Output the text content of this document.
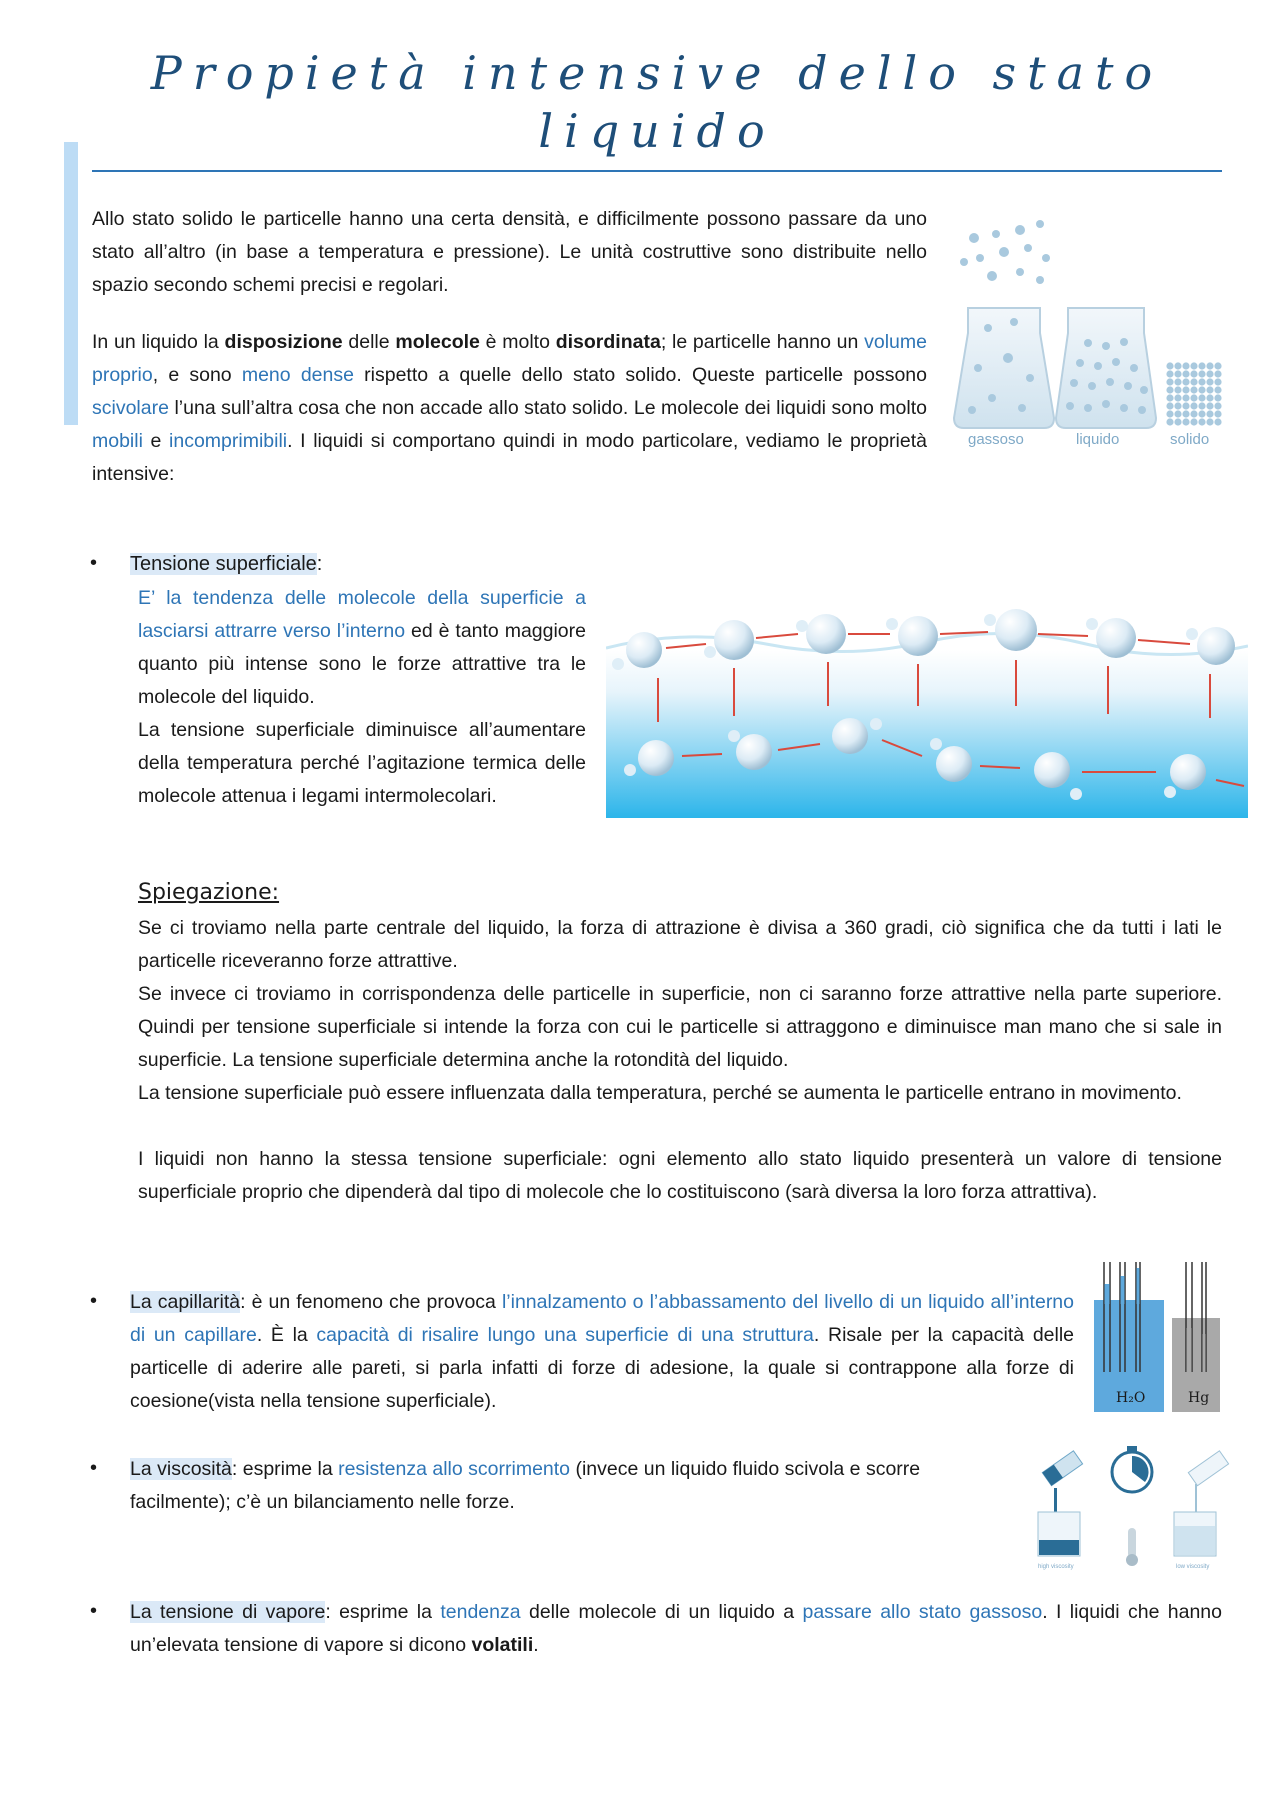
Propietà intensive dello stato liquido

Allo stato solido le particelle hanno una certa densità, e difficilmente possono passare da uno stato all’altro (in base a temperatura e pressione). Le unità costruttive sono distribuite nello spazio secondo schemi precisi e regolari.

In un liquido la disposizione delle molecole è molto disordinata; le particelle hanno un volume proprio, e sono meno dense rispetto a quelle dello stato solido. Queste particelle possono scivolare l’una sull’altra cosa che non accade allo stato solido. Le molecole dei liquidi sono molto mobili e incomprimibili. I liquidi si comportano quindi in modo particolare, vediamo le proprietà intensive:

gassoso	liquido	solido
• Tensione superficiale:

E’ la tendenza delle molecole della superficie a lasciarsi attrarre verso l’interno ed è tanto maggiore quanto più intense sono le forze attrattive tra le molecole del liquido.

La tensione superficiale diminuisce all’aumentare della temperatura perché l’agitazione termica delle molecole attenua i legami intermolecolari.

Spiegazione:

Se ci troviamo nella parte centrale del liquido, la forza di attrazione è divisa a 360 gradi, ciò significa che da tutti i lati le particelle riceveranno forze attrattive.

Se invece ci troviamo in corrispondenza delle particelle in superficie, non ci saranno forze attrattive nella parte superiore. Quindi per tensione superficiale si intende la forza con cui le particelle si attraggono e diminuisce man mano che si sale in superficie. La tensione superficiale determina anche la rotondità del liquido.

La tensione superficiale può essere influenzata dalla temperatura, perché se aumenta le particelle entrano in movimento.

I liquidi non hanno la stessa tensione superficiale: ogni elemento allo stato liquido presenterà un valore di tensione superficiale proprio che dipenderà dal tipo di molecole che lo costituiscono (sarà diversa la loro forza attrattiva).

• La capillarità: è un fenomeno che provoca l’innalzamento o l’abbassamento del livello di un liquido all’interno di un capillare. È la capacità di risalire lungo una superficie di una struttura. Risale per la capacità delle particelle di aderire alle pareti, si parla infatti di forze di adesione, la quale si contrappone alla forze di coesione(vista nella tensione superficiale).	H₂O	Hg
• La viscosità: esprime la resistenza allo scorrimento (invece un liquido fluido scivola e scorre facilmente); c’è un bilanciamento nelle forze.

high viscosity	low viscosity
• La tensione di vapore: esprime la tendenza delle molecole di un liquido a passare allo stato gassoso. I liquidi che hanno un’elevata tensione di vapore si dicono volatili.
